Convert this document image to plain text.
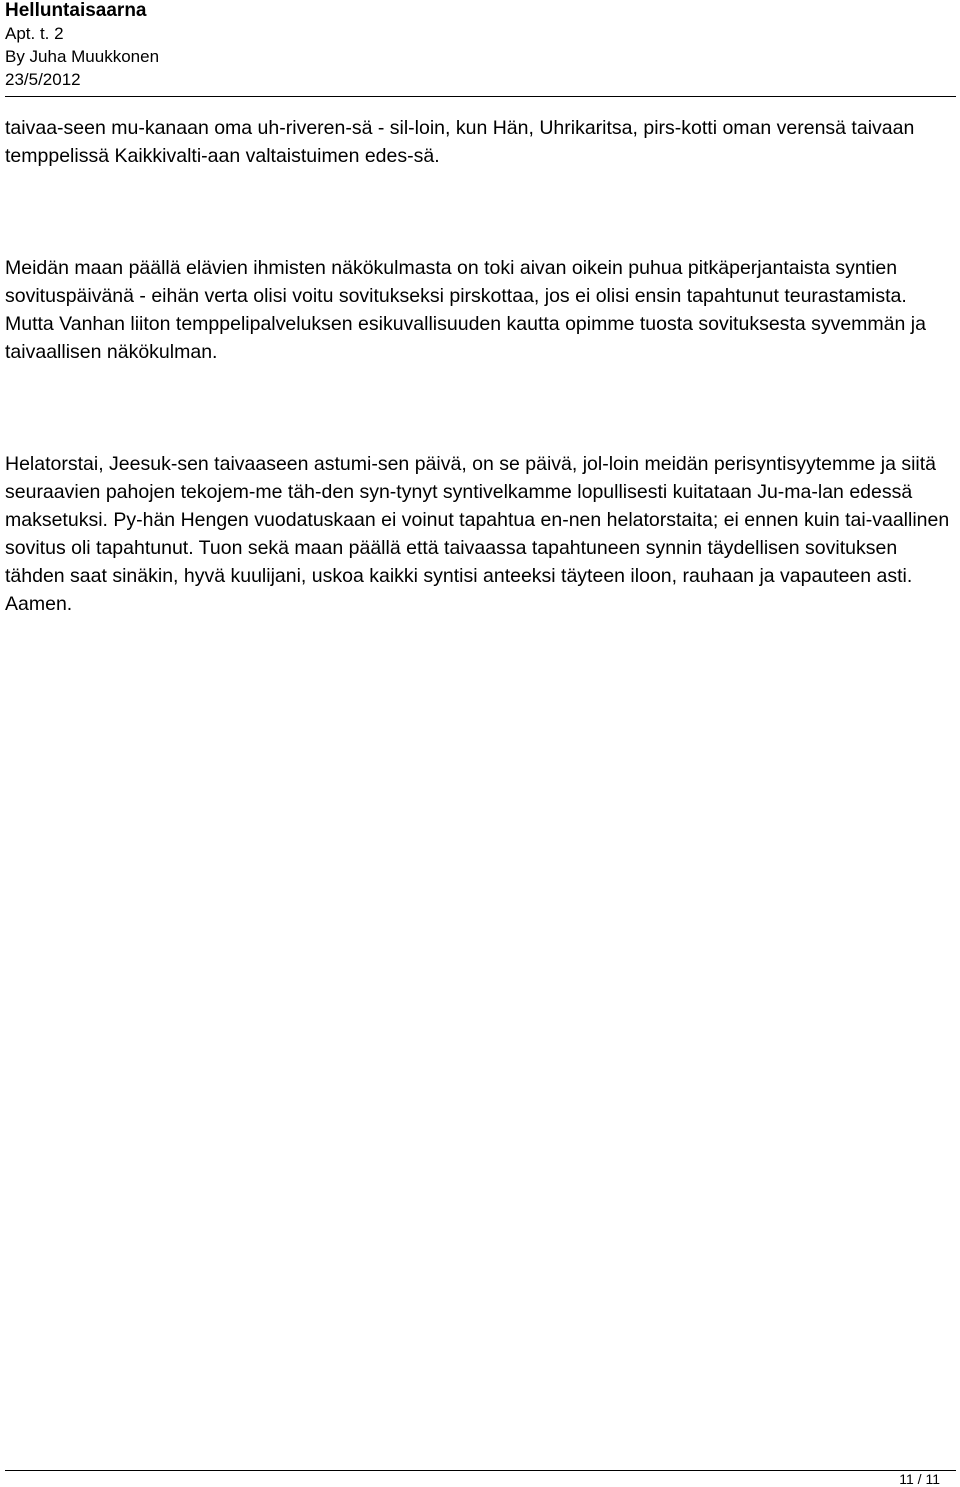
Helluntaisaarna

Apt. t. 2

By Juha Muukkonen

23/5/2012

taivaa-seen mu-kanaan oma uh-riveren-sä - sil-loin, kun Hän, Uhrikaritsa, pirs-kotti oman verensä taivaan temppelissä Kaikkivalti-aan valtaistuimen edes-sä.

Meidän maan päällä elävien ihmisten näkökulmasta on toki aivan oikein puhua pitkäperjantaista syntien sovituspäivänä - eihän verta olisi voitu sovitukseksi pirskottaa, jos ei olisi ensin tapahtunut teurastamista. Mutta Vanhan liiton temppelipalveluksen esikuvallisuuden kautta opimme tuosta sovituksesta syvemmän ja taivaallisen näkökulman.

Helatorstai, Jeesuk-sen taivaaseen astumi-sen päivä, on se päivä, jol-loin meidän perisyntisyytemme ja siitä seuraavien pahojen tekojem-me täh-den syn-tynyt syntivelkamme lopullisesti kuitataan Ju-ma-lan edessä maksetuksi. Py-hän Hengen vuodatuskaan ei voinut tapahtua en-nen helatorstaita; ei ennen kuin tai-vaallinen sovitus oli tapahtunut. Tuon sekä maan päällä että taivaassa tapahtuneen synnin täydellisen sovituksen tähden saat sinäkin, hyvä kuulijani, uskoa kaikki syntisi anteeksi täyteen iloon, rauhaan ja vapauteen asti. Aamen.

11 / 11
